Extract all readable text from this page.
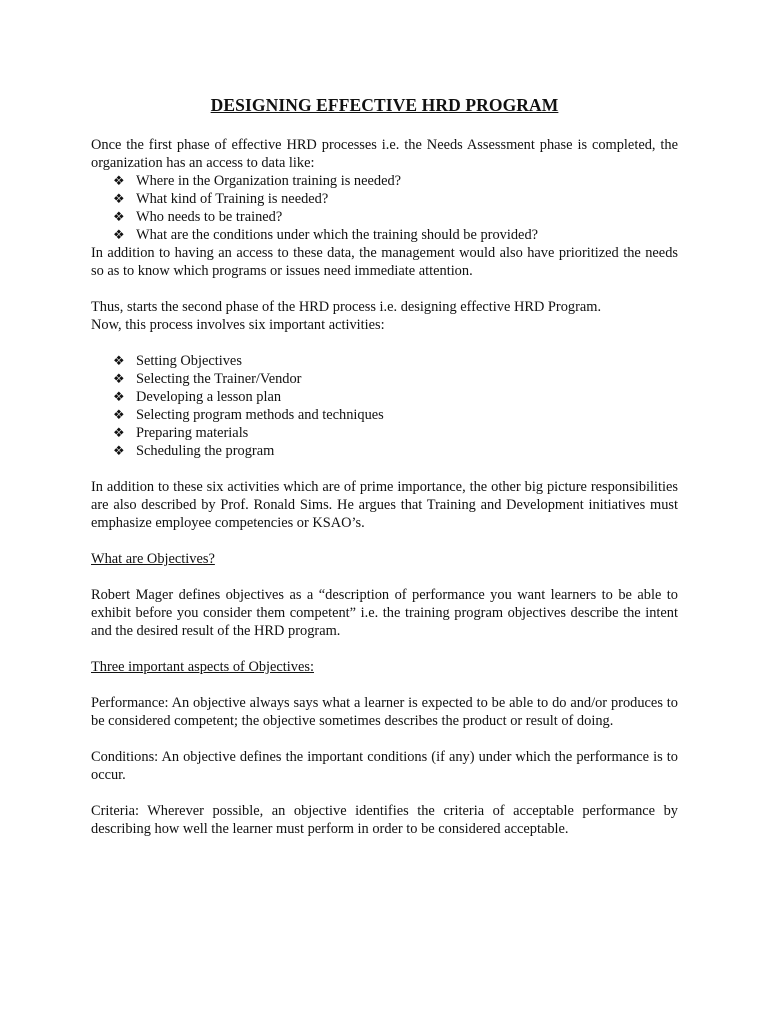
DESIGNING EFFECTIVE HRD PROGRAM

Once the first phase of effective HRD processes i.e. the Needs Assessment phase is completed, the organization has an access to data like:

❖ Where in the Organization training is needed?
❖ What kind of Training is needed?
❖ Who needs to be trained?
❖ What are the conditions under which the training should be provided?

In addition to having an access to these data, the management would also have prioritized the needs so as to know which programs or issues need immediate attention.

Thus, starts the second phase of the HRD process i.e. designing effective HRD Program.

Now, this process involves six important activities:

❖ Setting Objectives
❖ Selecting the Trainer/Vendor
❖ Developing a lesson plan
❖ Selecting program methods and techniques
❖ Preparing materials
❖ Scheduling the program

In addition to these six activities which are of prime importance, the other big picture responsibilities are also described by Prof. Ronald Sims. He argues that Training and Development initiatives must emphasize employee competencies or KSAO’s.

What are Objectives?

Robert Mager defines objectives as a “description of performance you want learners to be able to exhibit before you consider them competent” i.e. the training program objectives describe the intent and the desired result of the HRD program.

Three important aspects of Objectives:

Performance: An objective always says what a learner is expected to be able to do and/or produces to be considered competent; the objective sometimes describes the product or result of doing.

Conditions: An objective defines the important conditions (if any) under which the performance is to occur.

Criteria: Wherever possible, an objective identifies the criteria of acceptable performance by describing how well the learner must perform in order to be considered acceptable.
